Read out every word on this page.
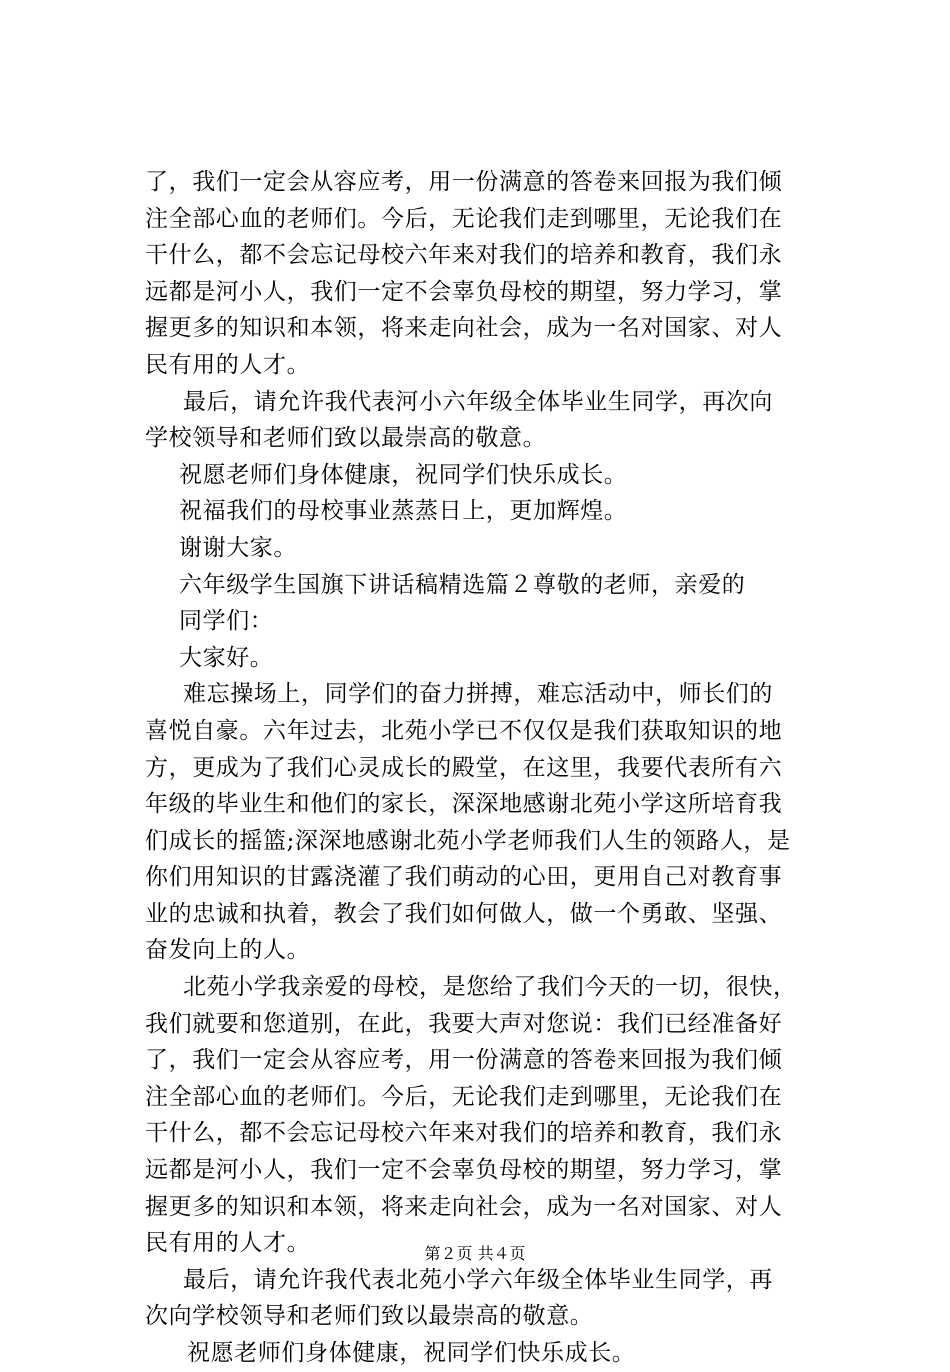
了，我们一定会从容应考，用一份满意的答卷来回报为我们倾
注全部心血的老师们。今后，无论我们走到哪里，无论我们在
干什么，都不会忘记母校六年来对我们的培养和教育，我们永
远都是河小人，我们一定不会辜负母校的期望，努力学习，掌
握更多的知识和本领，将来走向社会，成为一名对国家、对人
民有用的人才。
最后，请允许我代表河小六年级全体毕业生同学，再次向
学校领导和老师们致以最崇高的敬意。
祝愿老师们身体健康，祝同学们快乐成长。
祝福我们的母校事业蒸蒸日上，更加辉煌。
谢谢大家。
六年级学生国旗下讲话稿精选篇２尊敬的老师，亲爱的
同学们：
大家好。
难忘操场上，同学们的奋力拼搏，难忘活动中，师长们的
喜悦自豪。六年过去，北苑小学已不仅仅是我们获取知识的地
方，更成为了我们心灵成长的殿堂，在这里，我要代表所有六
年级的毕业生和他们的家长，深深地感谢北苑小学这所培育我
们成长的摇篮;深深地感谢北苑小学老师我们人生的领路人，是
你们用知识的甘露浇灌了我们萌动的心田，更用自己对教育事
业的忠诚和执着，教会了我们如何做人，做一个勇敢、坚强、
奋发向上的人。
北苑小学我亲爱的母校，是您给了我们今天的一切，很快，
我们就要和您道别，在此，我要大声对您说：我们已经准备好
了，我们一定会从容应考，用一份满意的答卷来回报为我们倾
注全部心血的老师们。今后，无论我们走到哪里，无论我们在
干什么，都不会忘记母校六年来对我们的培养和教育，我们永
远都是河小人，我们一定不会辜负母校的期望，努力学习，掌
握更多的知识和本领，将来走向社会，成为一名对国家、对人
民有用的人才。
最后，请允许我代表北苑小学六年级全体毕业生同学，再
次向学校领导和老师们致以最崇高的敬意。
祝愿老师们身体健康，祝同学们快乐成长。
第２页 共４页
